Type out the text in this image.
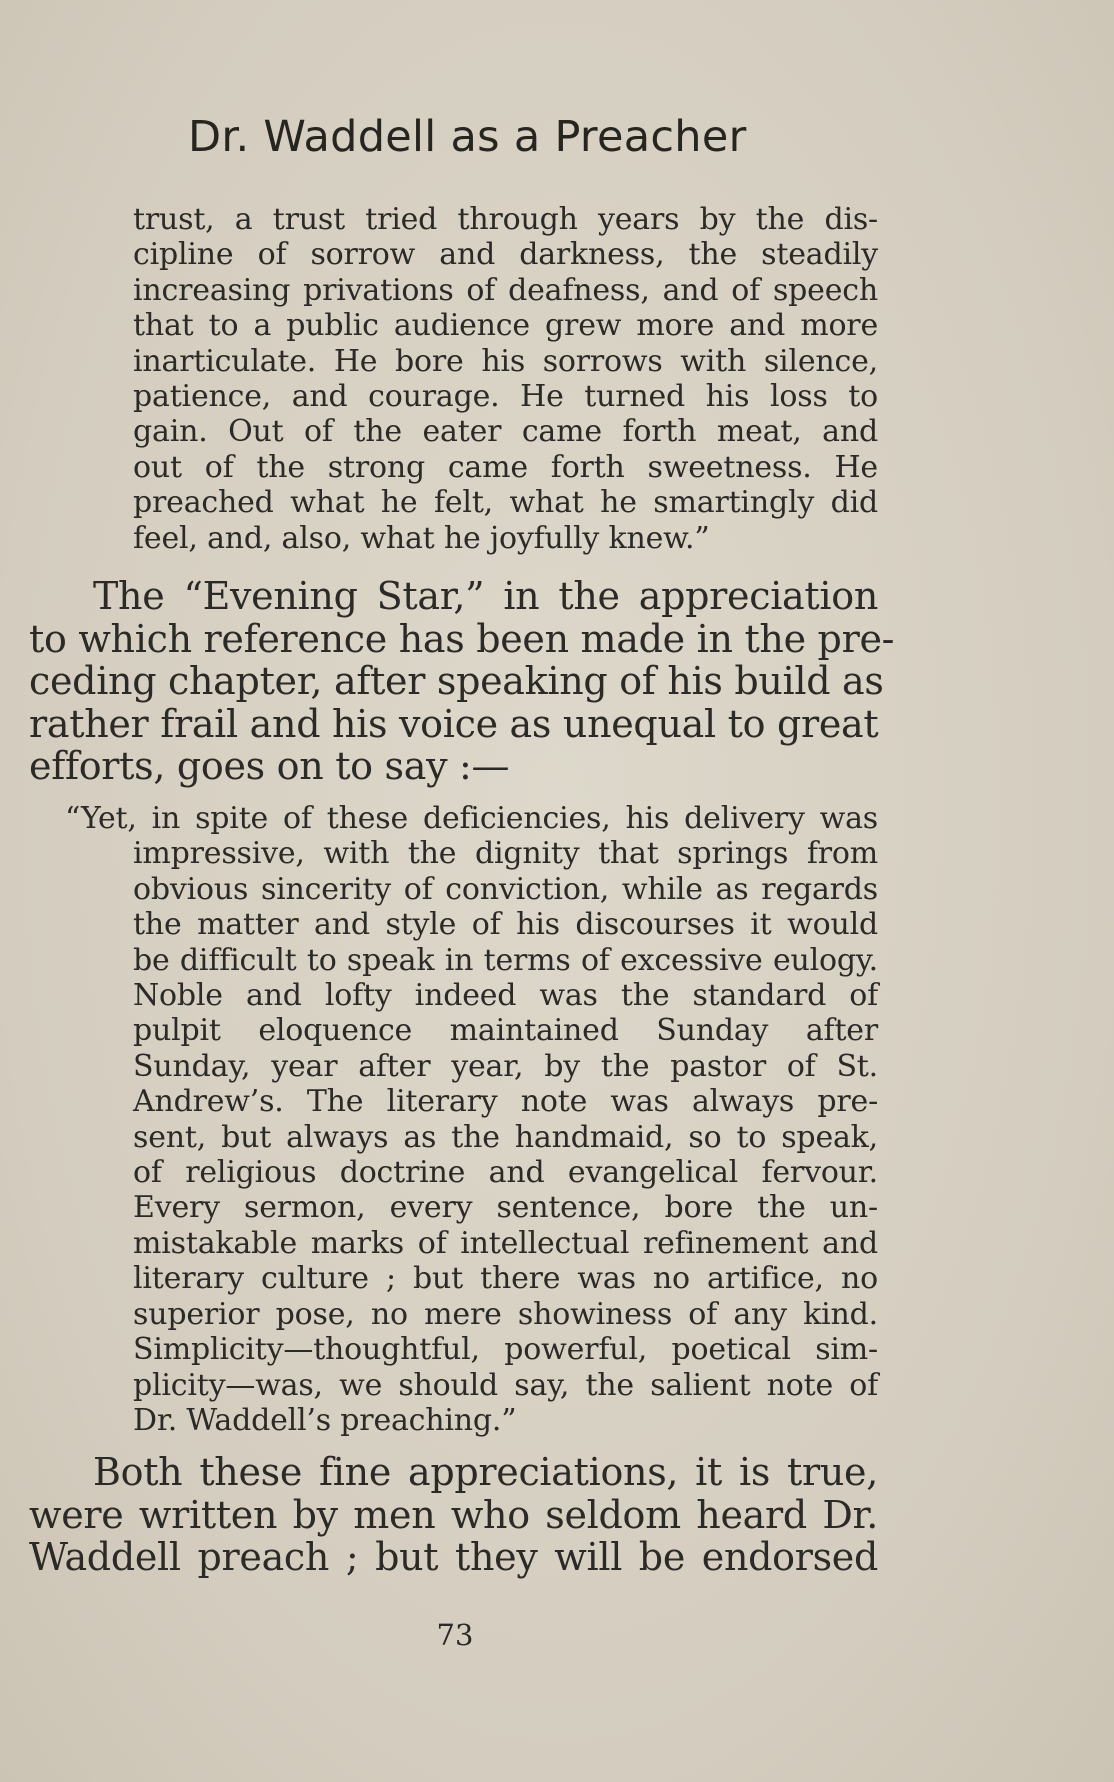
Dr. Waddell as a Preacher
trust, a trust tried through years by the dis-
cipline of sorrow and darkness, the steadily
increasing privations of deafness, and of speech
that to a public audience grew more and more
inarticulate. He bore his sorrows with silence,
patience, and courage. He turned his loss to
gain. Out of the eater came forth meat, and
out of the strong came forth sweetness. He
preached what he felt, what he smartingly did
feel, and, also, what he joyfully knew.”
The “Evening Star,” in the appreciation
to which reference has been made in the pre-
ceding chapter, after speaking of his build as
rather frail and his voice as unequal to great
efforts, goes on to say :—
“Yet, in spite of these deficiencies, his delivery was
impressive, with the dignity that springs from
obvious sincerity of conviction, while as regards
the matter and style of his discourses it would
be difficult to speak in terms of excessive eulogy.
Noble and lofty indeed was the standard of
pulpit eloquence maintained Sunday after
Sunday, year after year, by the pastor of St.
Andrew’s. The literary note was always pre-
sent, but always as the handmaid, so to speak,
of religious doctrine and evangelical fervour.
Every sermon, every sentence, bore the un-
mistakable marks of intellectual refinement and
literary culture ; but there was no artifice, no
superior pose, no mere showiness of any kind.
Simplicity—thoughtful, powerful, poetical sim-
plicity—was, we should say, the salient note of
Dr. Waddell’s preaching.”
Both these fine appreciations, it is true,
were written by men who seldom heard Dr.
Waddell preach ; but they will be endorsed
73
